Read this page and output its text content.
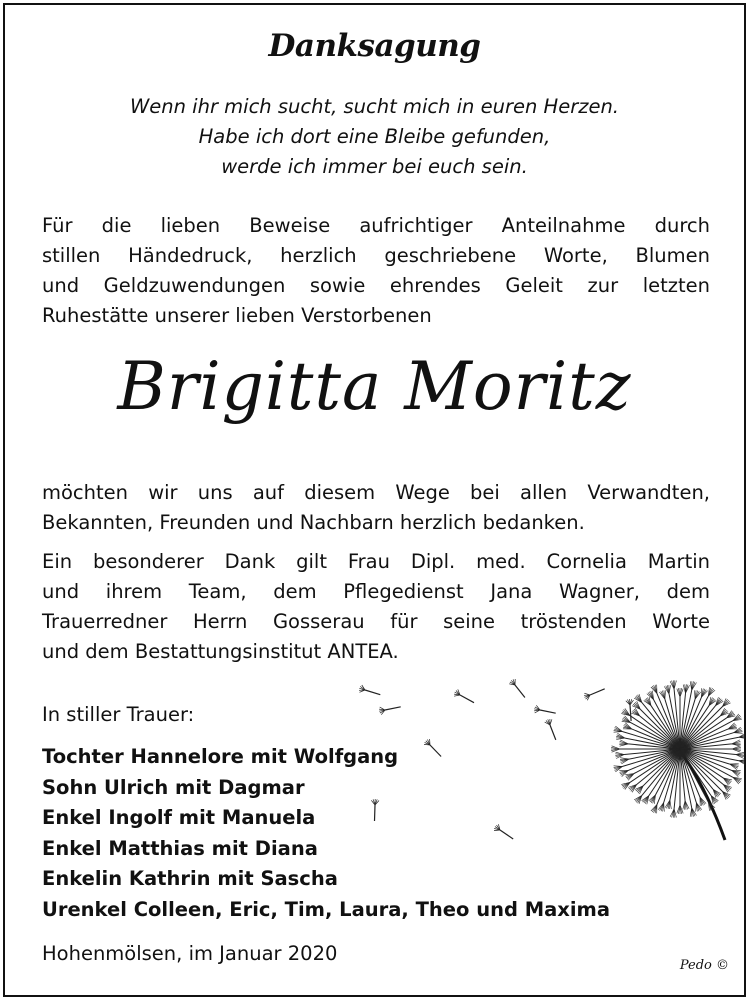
Danksagung
Wenn ihr mich sucht, sucht mich in euren Herzen.
Habe ich dort eine Bleibe gefunden,
werde ich immer bei euch sein.
Für die lieben Beweise aufrichtiger Anteilnahme durch
stillen Händedruck, herzlich geschriebene Worte, Blumen
und Geldzuwendungen sowie ehrendes Geleit zur letzten
Ruhestätte unserer lieben Verstorbenen
Brigitta Moritz
möchten wir uns auf diesem Wege bei allen Verwandten,
Bekannten, Freunden und Nachbarn herzlich bedanken.
Ein besonderer Dank gilt Frau Dipl. med. Cornelia Martin
und ihrem Team, dem Pflegedienst Jana Wagner, dem
Trauerredner Herrn Gosserau für seine tröstenden Worte
und dem Bestattungsinstitut ANTEA.
In stiller Trauer:
Tochter Hannelore mit Wolfgang
Sohn Ulrich mit Dagmar
Enkel Ingolf mit Manuela
Enkel Matthias mit Diana
Enkelin Kathrin mit Sascha
Urenkel Colleen, Eric, Tim, Laura, Theo und Maxima
Hohenmölsen, im Januar 2020
Pedo ©
